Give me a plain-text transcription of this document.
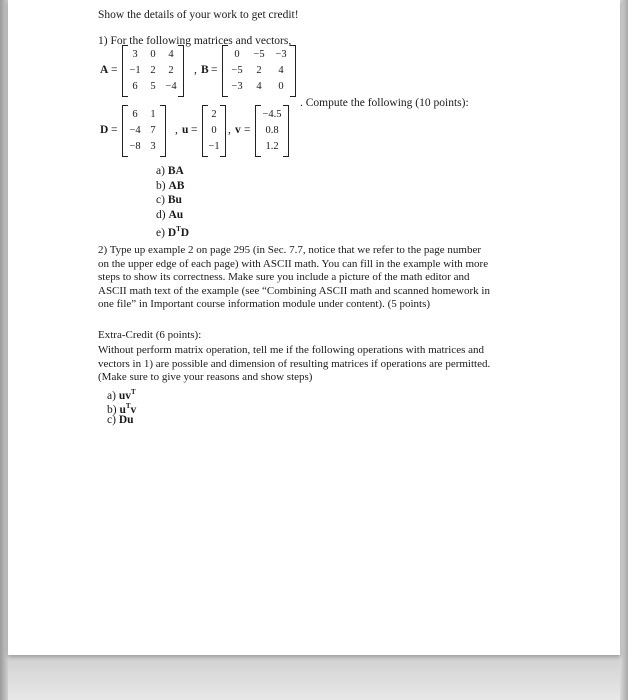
Show the details of your work to get credit!
1) For the following matrices and vectors,
A =
3	0	4
−1 2	2
6	5 −4
, B =
0	−5	−3
−5	2	4
−3	4	0
. Compute the following (10 points):
D =
6	1
−4 7
−8 3
, u =
2
0
−1
, v =
−4.5
0.8
1.2
a) BA
b) AB
c) Bu
d) Au
e) $D^TD$
2) Type up example 2 on page 295 (in Sec. 7.7, notice that we refer to the page number
on the upper edge of each page) with ASCII math. You can fill in the example with more
steps to show its correctness. Make sure you include a picture of the math editor and
ASCII math text of the example (see “Combining ASCII math and scanned homework in
one file” in Important course information module under content). (5 points)
Extra-Credit (6 points):
Without perform matrix operation, tell me if the following operations with matrices and
vectors in 1) are possible and dimension of resulting matrices if operations are permitted.
(Make sure to give your reasons and show steps)
a) $uv^T$
b) $u^Tv$
c) Du
